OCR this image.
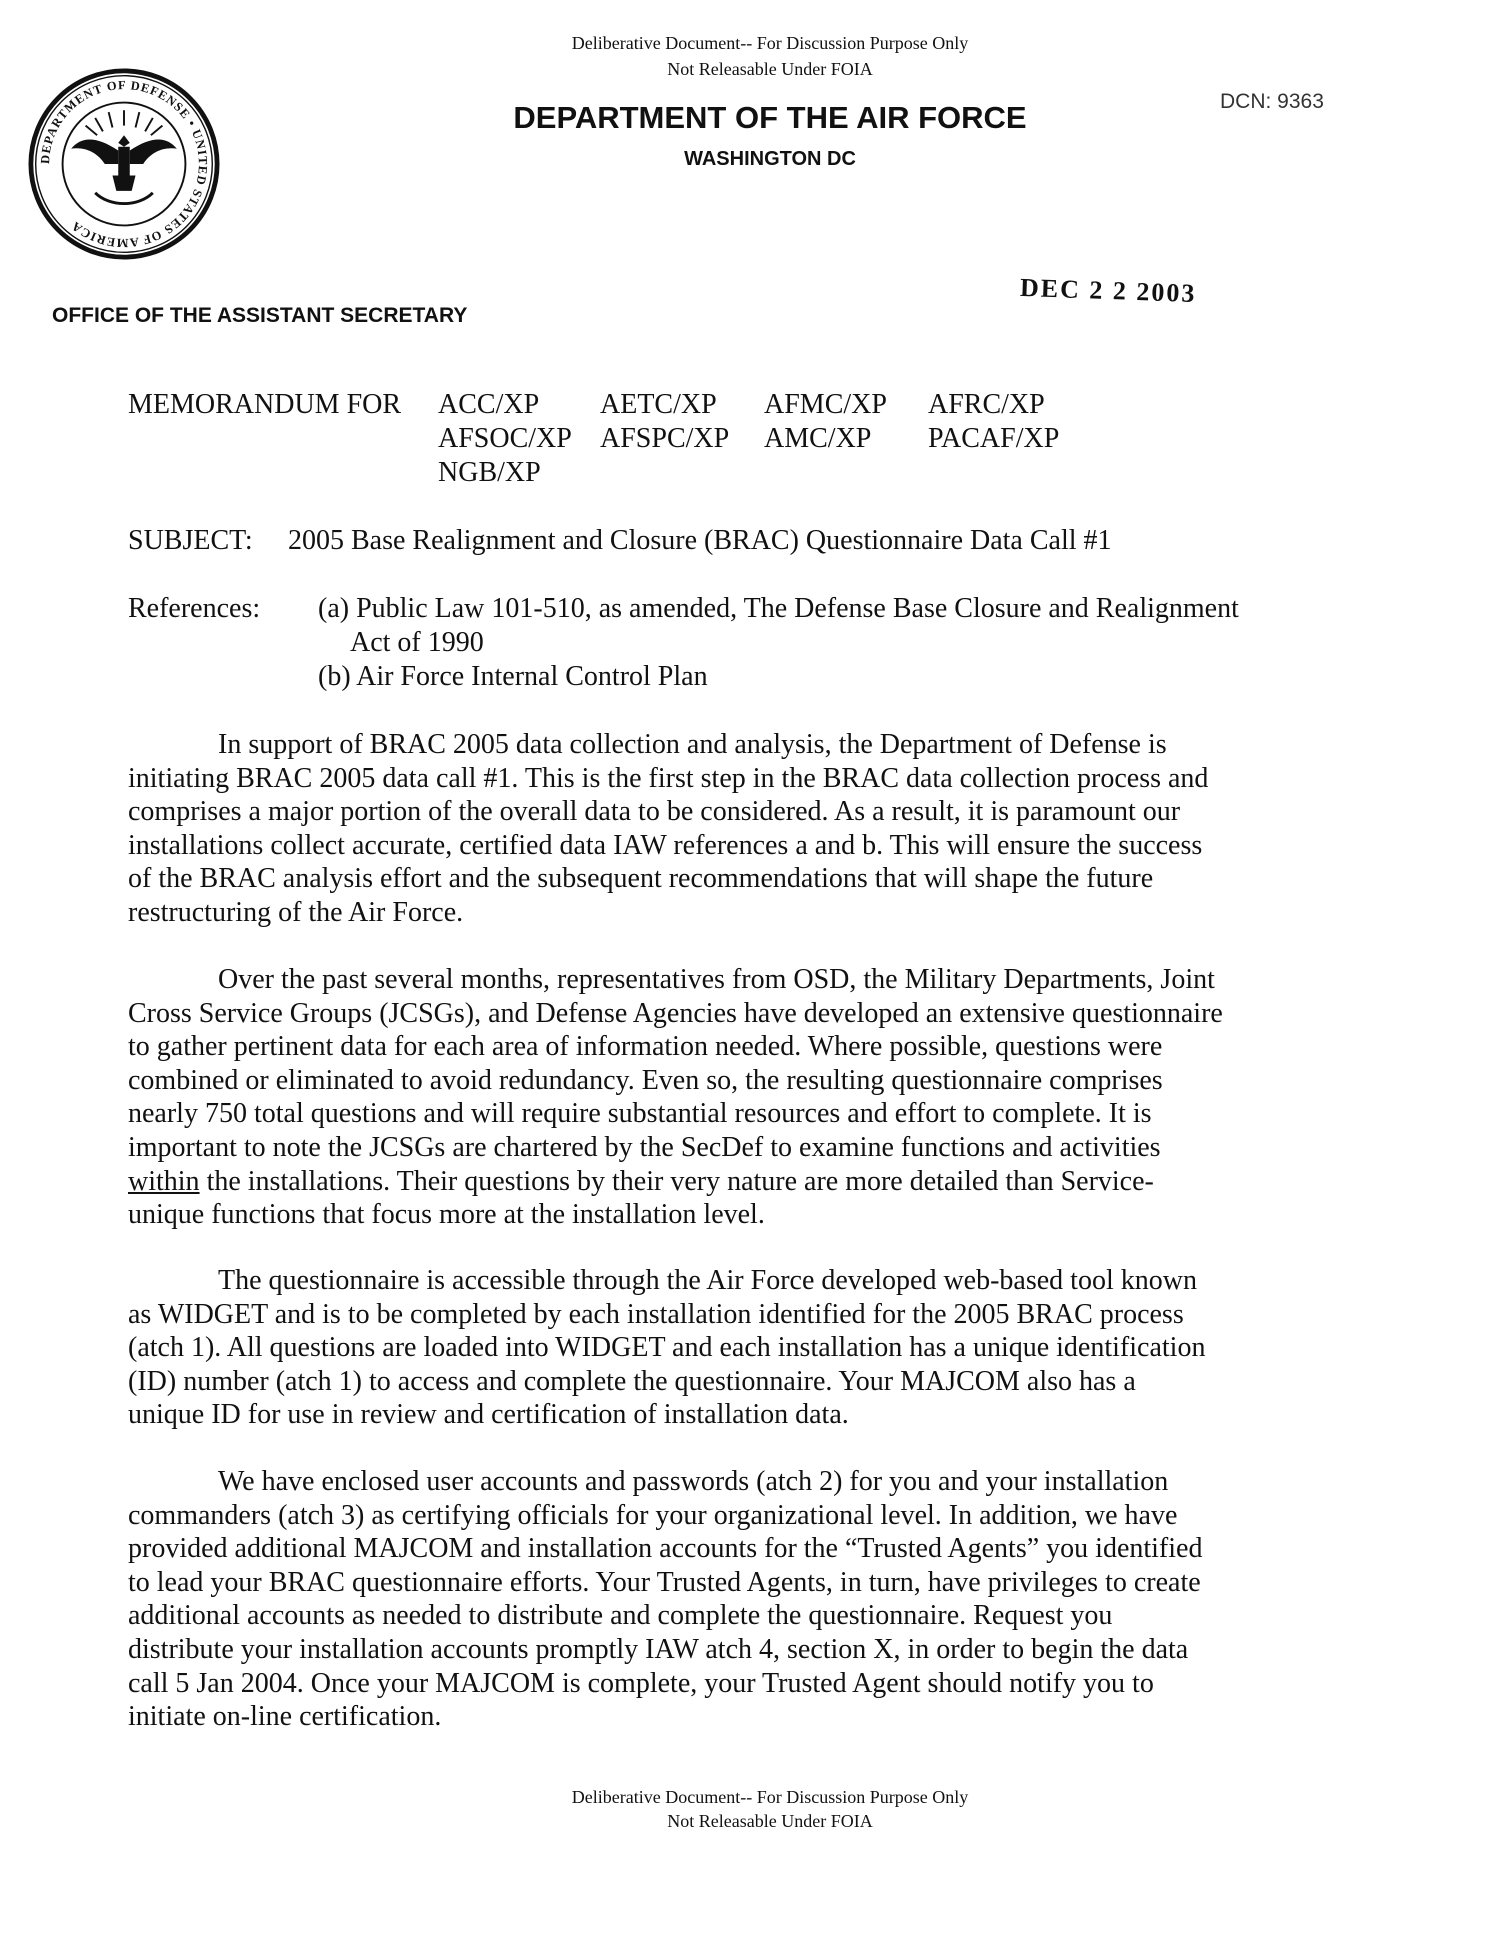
Deliberative Document-- For Discussion Purpose Only
Not Releasable Under FOIA
DEPARTMENT OF THE AIR FORCE
WASHINGTON DC
DCN: 9363
DEPARTMENT OF DEFENSE • UNITED STATES OF AMERICA
OFFICE OF THE ASSISTANT SECRETARY
DEC 2 2 2003
MEMORANDUM FOR ACC/XP AETC/XP AFMC/XP AFRC/XP
AFSOC/XP AFSPC/XP AMC/XP PACAF/XP
NGB/XP
SUBJECT: 2005 Base Realignment and Closure (BRAC) Questionnaire Data Call #1
References: (a) Public Law 101-510, as amended, The Defense Base Closure and Realignment
Act of 1990
(b) Air Force Internal Control Plan
In support of BRAC 2005 data collection and analysis, the Department of Defense is
initiating BRAC 2005 data call #1. This is the first step in the BRAC data collection process and
comprises a major portion of the overall data to be considered. As a result, it is paramount our
installations collect accurate, certified data IAW references a and b. This will ensure the success
of the BRAC analysis effort and the subsequent recommendations that will shape the future
restructuring of the Air Force.
Over the past several months, representatives from OSD, the Military Departments, Joint
Cross Service Groups (JCSGs), and Defense Agencies have developed an extensive questionnaire
to gather pertinent data for each area of information needed. Where possible, questions were
combined or eliminated to avoid redundancy. Even so, the resulting questionnaire comprises
nearly 750 total questions and will require substantial resources and effort to complete. It is
important to note the JCSGs are chartered by the SecDef to examine functions and activities
within the installations. Their questions by their very nature are more detailed than Service-
unique functions that focus more at the installation level.
The questionnaire is accessible through the Air Force developed web-based tool known
as WIDGET and is to be completed by each installation identified for the 2005 BRAC process
(atch 1). All questions are loaded into WIDGET and each installation has a unique identification
(ID) number (atch 1) to access and complete the questionnaire. Your MAJCOM also has a
unique ID for use in review and certification of installation data.
We have enclosed user accounts and passwords (atch 2) for you and your installation
commanders (atch 3) as certifying officials for your organizational level. In addition, we have
provided additional MAJCOM and installation accounts for the “Trusted Agents” you identified
to lead your BRAC questionnaire efforts. Your Trusted Agents, in turn, have privileges to create
additional accounts as needed to distribute and complete the questionnaire. Request you
distribute your installation accounts promptly IAW atch 4, section X, in order to begin the data
call 5 Jan 2004. Once your MAJCOM is complete, your Trusted Agent should notify you to
initiate on-line certification.
Deliberative Document-- For Discussion Purpose Only
Not Releasable Under FOIA
